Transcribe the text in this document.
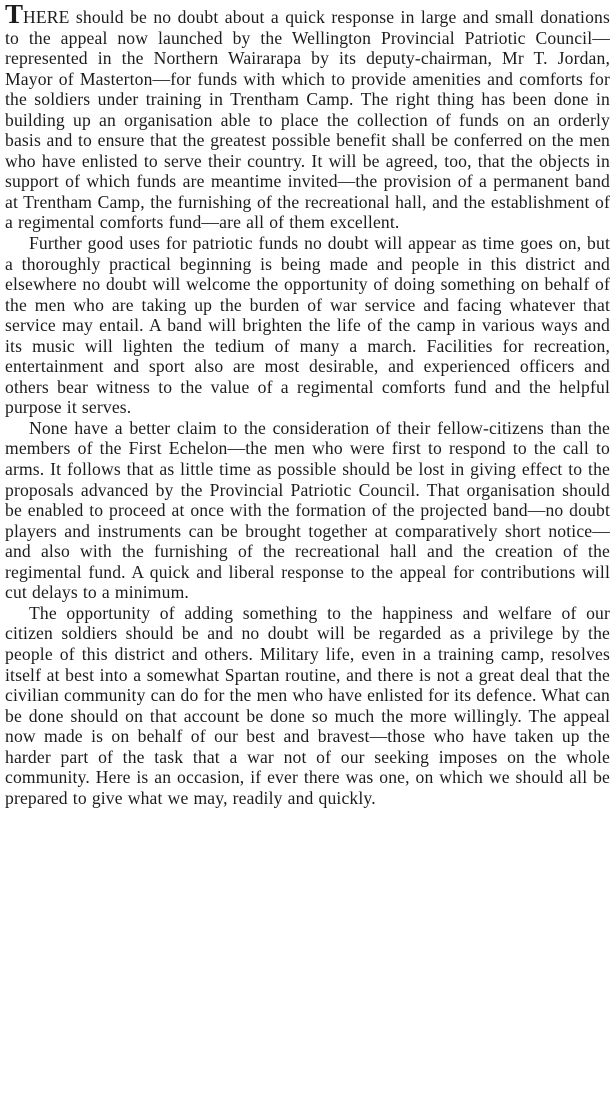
THERE should be no doubt about a quick response in large and small donations to the appeal now launched by the Wellington Provincial Patriotic Council—represented in the Northern Wairarapa by its deputy-chairman, Mr T. Jordan, Mayor of Masterton—for funds with which to provide amenities and comforts for the soldiers under training in Trentham Camp. The right thing has been done in building up an organisation able to place the collection of funds on an orderly basis and to ensure that the greatest possible benefit shall be conferred on the men who have enlisted to serve their country. It will be agreed, too, that the objects in support of which funds are meantime invited—the provision of a permanent band at Trentham Camp, the furnishing of the recreational hall, and the establishment of a regimental comforts fund—are all of them excellent.

Further good uses for patriotic funds no doubt will appear as time goes on, but a thoroughly practical beginning is being made and people in this district and elsewhere no doubt will welcome the opportunity of doing something on behalf of the men who are taking up the burden of war service and facing whatever that service may entail. A band will brighten the life of the camp in various ways and its music will lighten the tedium of many a march. Facilities for recreation, entertainment and sport also are most desirable, and experienced officers and others bear witness to the value of a regimental comforts fund and the helpful purpose it serves.

None have a better claim to the consideration of their fellow-citizens than the members of the First Echelon—the men who were first to respond to the call to arms. It follows that as little time as possible should be lost in giving effect to the proposals advanced by the Provincial Patriotic Council. That organisation should be enabled to proceed at once with the formation of the projected band—no doubt players and instruments can be brought together at comparatively short notice—and also with the furnishing of the recreational hall and the creation of the regimental fund. A quick and liberal response to the appeal for contributions will cut delays to a minimum.

The opportunity of adding something to the happiness and welfare of our citizen soldiers should be and no doubt will be regarded as a privilege by the people of this district and others. Military life, even in a training camp, resolves itself at best into a somewhat Spartan routine, and there is not a great deal that the civilian community can do for the men who have enlisted for its defence. What can be done should on that account be done so much the more willingly. The appeal now made is on behalf of our best and bravest—those who have taken up the harder part of the task that a war not of our seeking imposes on the whole community. Here is an occasion, if ever there was one, on which we should all be prepared to give what we may, readily and quickly.
